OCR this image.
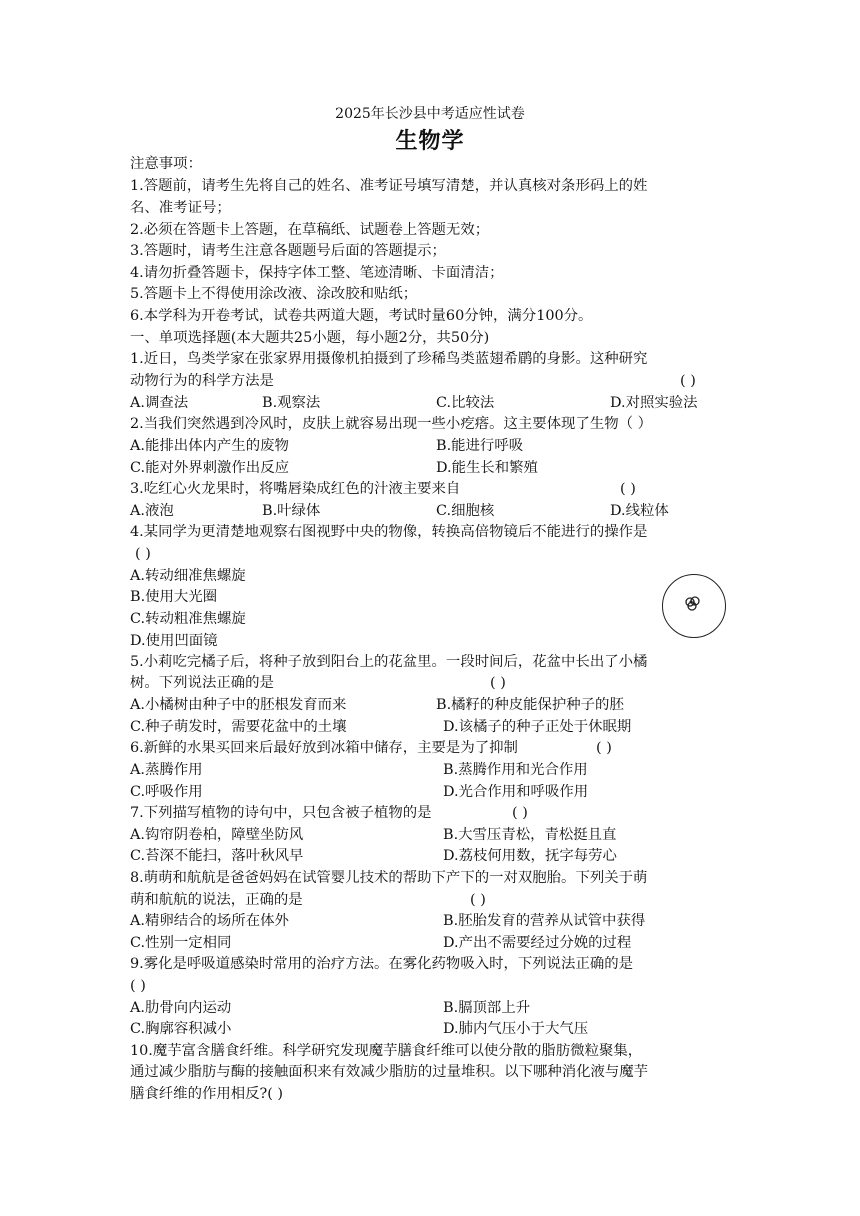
2025年长沙县中考适应性试卷
生物学
注意事项：
1.答题前，请考生先将自己的姓名、准考证号填写清楚，并认真核对条形码上的姓
名、准考证号；
2.必须在答题卡上答题，在草稿纸、试题卷上答题无效；
3.答题时，请考生注意各题题号后面的答题提示；
4.请勿折叠答题卡，保持字体工整、笔迹清晰、卡面清洁；
5.答题卡上不得使用涂改液、涂改胶和贴纸；
6.本学科为开卷考试，试卷共两道大题，考试时量60分钟，满分100分。
一、单项选择题(本大题共25小题，每小题2分，共50分)
1.近日，鸟类学家在张家界用摄像机拍摄到了珍稀鸟类蓝翅希鹛的身影。这种研究
动物行为的科学方法是	( )
A.调查法	B.观察法	C.比较法	D.对照实验法
2.当我们突然遇到冷风时，皮肤上就容易出现一些小疙瘩。这主要体现了生物（ ）
A.能排出体内产生的废物	B.能进行呼吸
C.能对外界刺激作出反应	D.能生长和繁殖
3.吃红心火龙果时，将嘴唇染成红色的汁液主要来自	( )
A.液泡	B.叶绿体	C.细胞核	D.线粒体
4.某同学为更清楚地观察右图视野中央的物像，转换高倍物镜后不能进行的操作是
( )
A.转动细准焦螺旋
B.使用大光圈
C.转动粗准焦螺旋
D.使用凹面镜
5.小莉吃完橘子后，将种子放到阳台上的花盆里。一段时间后，花盆中长出了小橘
树。下列说法正确的是	( )
A.小橘树由种子中的胚根发育而来	B.橘籽的种皮能保护种子的胚
C.种子萌发时，需要花盆中的土壤	D.该橘子的种子正处于休眠期
6.新鲜的水果买回来后最好放到冰箱中储存，主要是为了抑制	( )
A.蒸腾作用	B.蒸腾作用和光合作用
C.呼吸作用	D.光合作用和呼吸作用
7.下列描写植物的诗句中，只包含被子植物的是	( )
A.钩帘阴卷柏，障壁坐防风	B.大雪压青松，青松挺且直
C.苔深不能扫，落叶秋风早	D.荔枝何用数，抚字每劳心
8.萌萌和航航是爸爸妈妈在试管婴儿技术的帮助下产下的一对双胞胎。下列关于萌
萌和航航的说法，正确的是	( )
A.精卵结合的场所在体外	B.胚胎发育的营养从试管中获得
C.性别一定相同	D.产出不需要经过分娩的过程
9.雾化是呼吸道感染时常用的治疗方法。在雾化药物吸入时，下列说法正确的是
( )
A.肋骨向内运动	B.膈顶部上升
C.胸廓容积减小	D.肺内气压小于大气压
10.魔芋富含膳食纤维。科学研究发现魔芋膳食纤维可以使分散的脂肪微粒聚集，
通过减少脂肪与酶的接触面积来有效减少脂肪的过量堆积。以下哪种消化液与魔芋
膳食纤维的作用相反?( )
